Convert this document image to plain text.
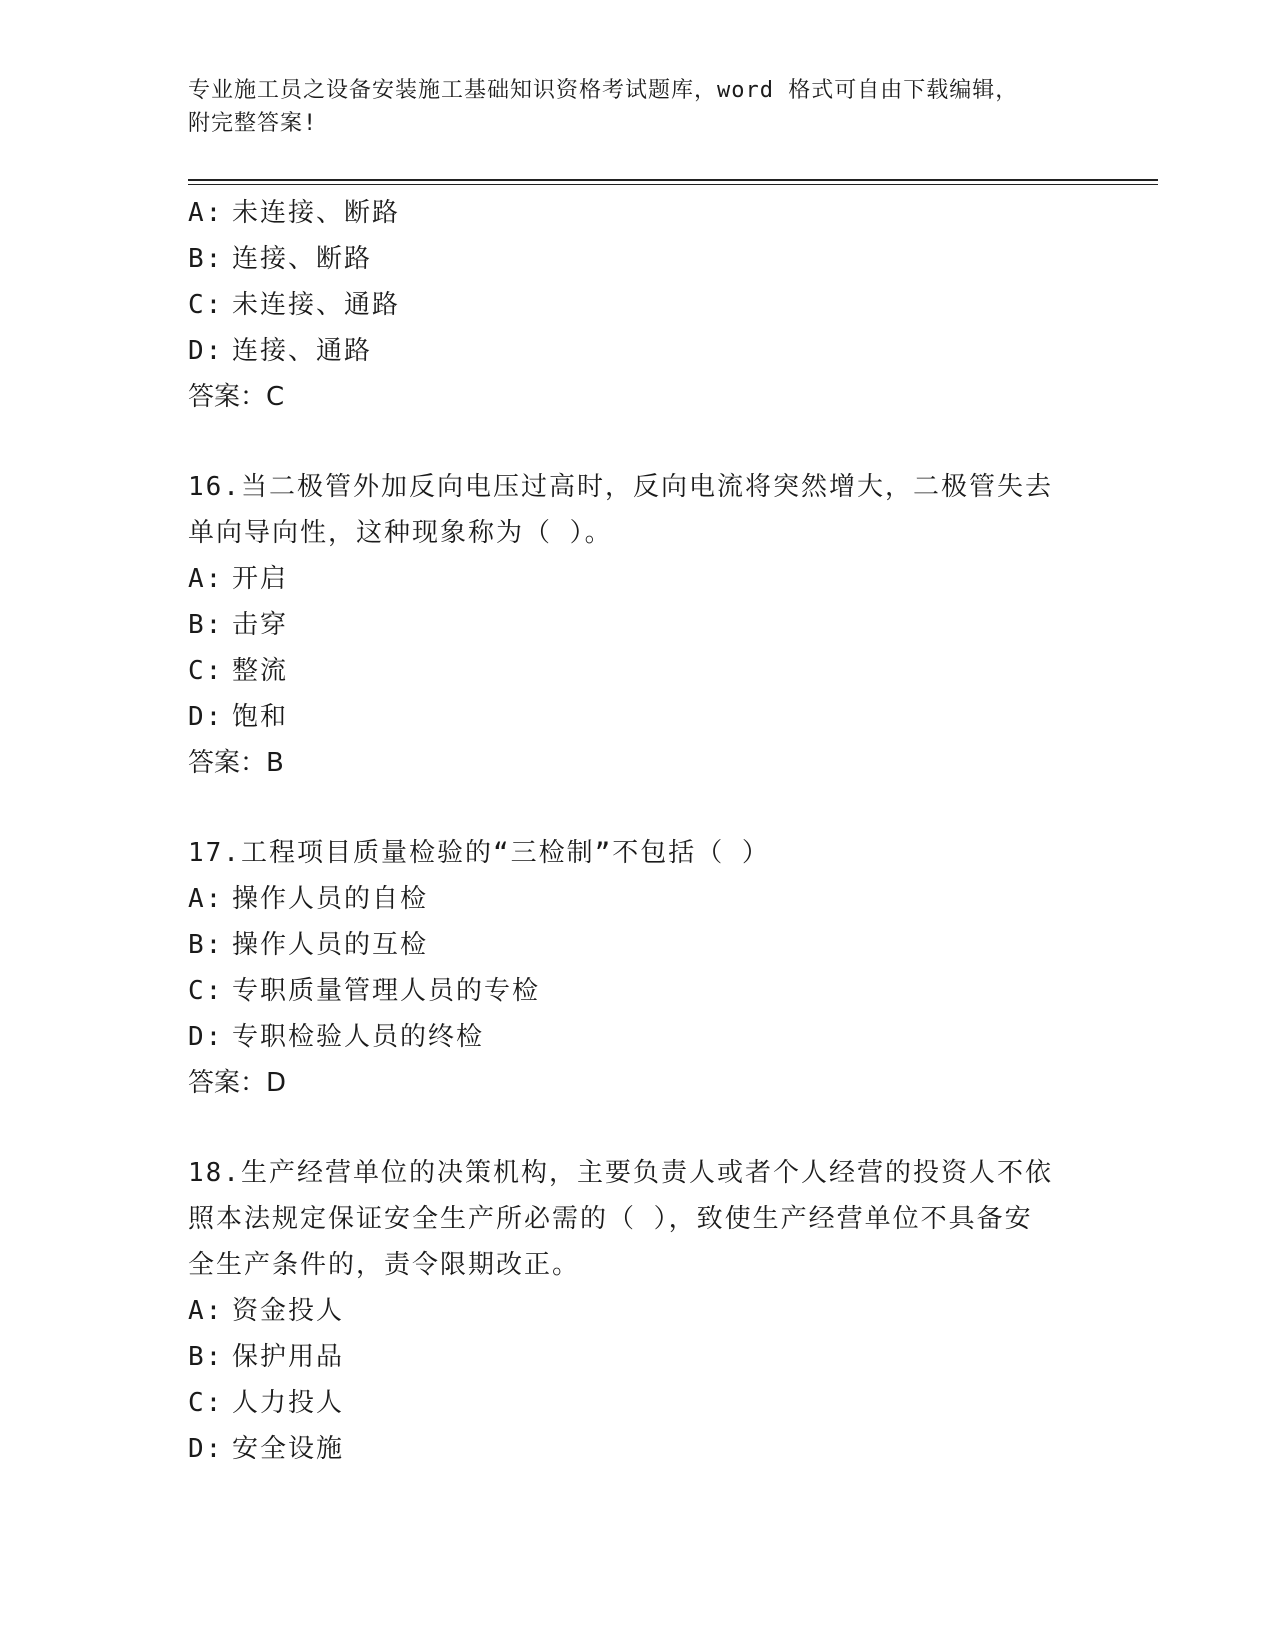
专业施工员之设备安装施工基础知识资格考试题库，word 格式可自由下载编辑，
附完整答案!
A: 未连接、断路
B: 连接、断路
C: 未连接、通路
D: 连接、通路
答案：C
16.当二极管外加反向电压过高时，反向电流将突然增大，二极管失去
单向导向性，这种现象称为（ ）。
A: 开启
B: 击穿
C: 整流
D: 饱和
答案：B
17.工程项目质量检验的“三检制”不包括（ ）
A: 操作人员的自检
B: 操作人员的互检
C: 专职质量管理人员的专检
D: 专职检验人员的终检
答案：D
18.生产经营单位的决策机构，主要负责人或者个人经营的投资人不依
照本法规定保证安全生产所必需的（ ），致使生产经营单位不具备安
全生产条件的，责令限期改正。
A: 资金投人
B: 保护用品
C: 人力投人
D: 安全设施
